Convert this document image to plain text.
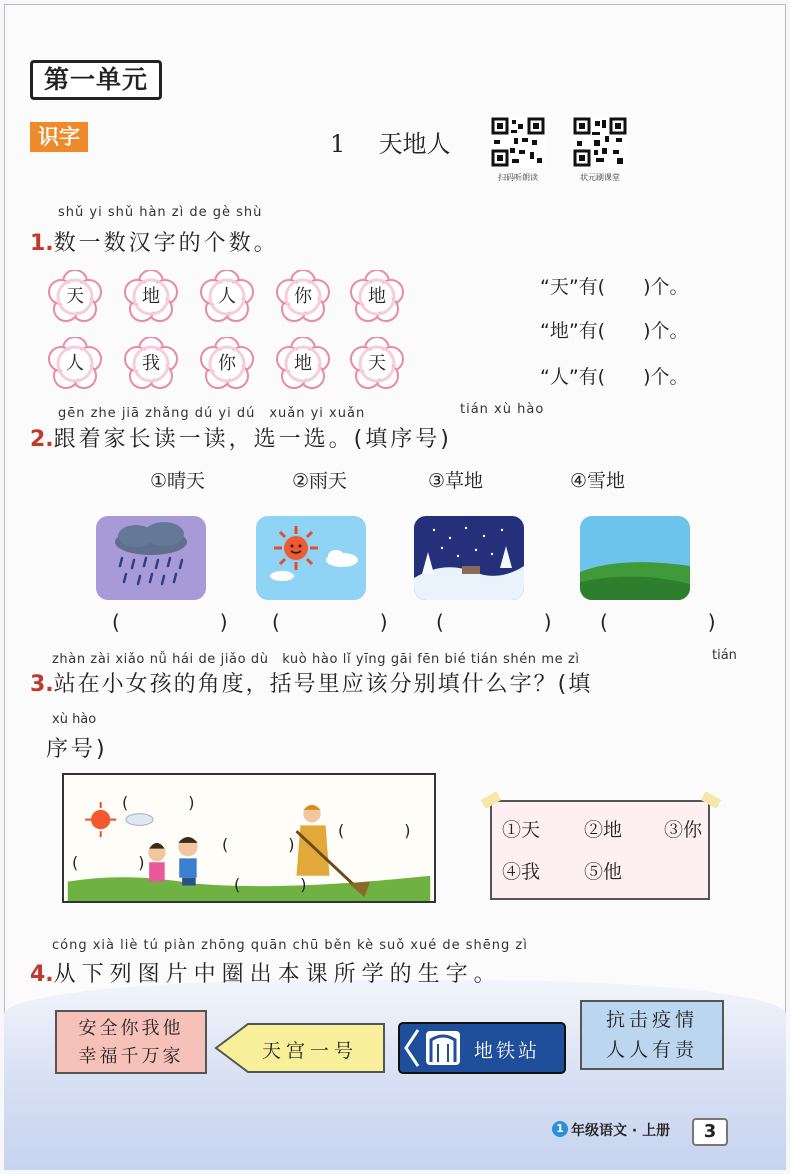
第一单元
识字	1 天地人
扫码听朗读	状元刷课堂
shǔ yi shǔ hàn zì de gè shù
1.数一数汉字的个数。
天	地	人	你	地
人	我	你	地	天
“天”有(　　)个。
“地”有(　　)个。
“人”有(　　)个。
gēn zhe jiā zhǎng dú yi dú　xuǎn yi xuǎn	tián xù hào
2.跟着家长读一读，选一选。(填序号)
①晴天	②雨天	③草地	④雪地
(　) (　) (　) (　)
zhàn zài xiǎo nǚ hái de jiǎo dù　kuò hào lǐ yīng gāi fēn bié tián shén me zì	tián
3.站在小女孩的角度，括号里应该分别填什么字？(填
xù hào
序号)
(　)
(　)
(　)
(　)
(　)
①天 ②地 ③你
④我 ⑤他
cóng xià liè tú piàn zhōng quān chū běn kè suǒ xué de shēng zì
4.从下列图片中圈出本课所学的生字。
安全你我他
幸福千万家	天宫一号	地铁站
抗击疫情
人人有责
1 年级语文 · 上册	3
